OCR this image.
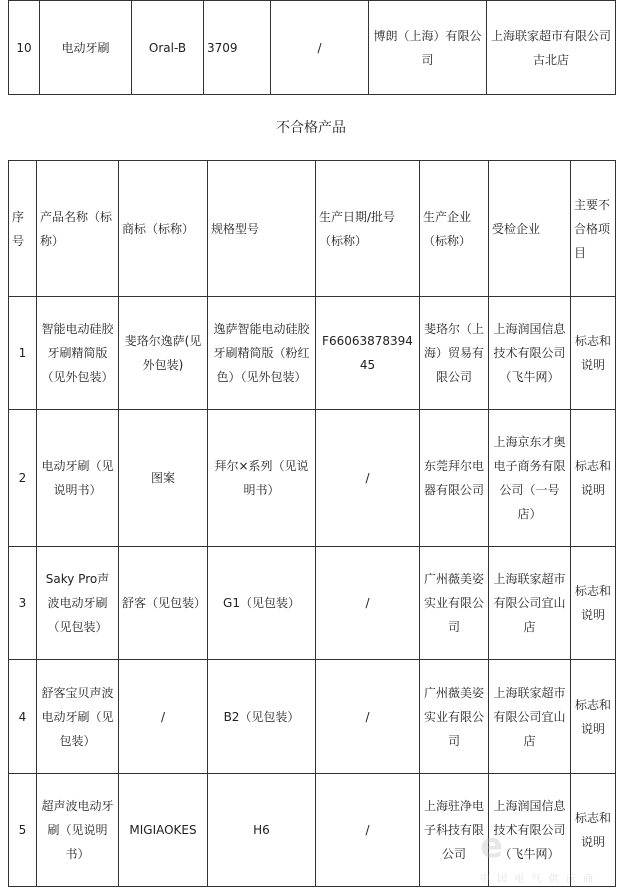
10	电动牙刷	Oral-B	3709	/	博朗（上海）有限公司	上海联家超市有限公司古北店
不合格产品
序号	产品名称（标称）	商标（标称）	规格型号	生产日期/批号（标称）	生产企业（标称）	受检企业	主要不合格项目
1	智能电动硅胶牙刷精简版（见外包装）	斐珞尔逸萨(见外包装)	逸萨智能电动硅胶牙刷精简版（粉红色）（见外包装）	F6606387839445	斐珞尔（上海）贸易有限公司	上海润国信息技术有限公司（飞牛网）	标志和说明
2	电动牙刷（见说明书）	图案	拜尔×系列（见说明书）	/	东莞拜尔电器有限公司	上海京东才奥电子商务有限公司（一号店）	标志和说明
3	Saky Pro声波电动牙刷（见包装）	舒客（见包装）	G1（见包装）	/	广州薇美姿实业有限公司	上海联家超市有限公司宜山店	标志和说明
4	舒客宝贝声波电动牙刷（见包装）	/	B2（见包装）	/	广州薇美姿实业有限公司	上海联家超市有限公司宜山店	标志和说明
5	超声波电动牙刷（见说明书）	MIGIAOKES	H6	/	上海驻净电子科技有限公司	上海润国信息技术有限公司（飞牛网）	标志和说明
e
中 国 电 气 供 应 商
